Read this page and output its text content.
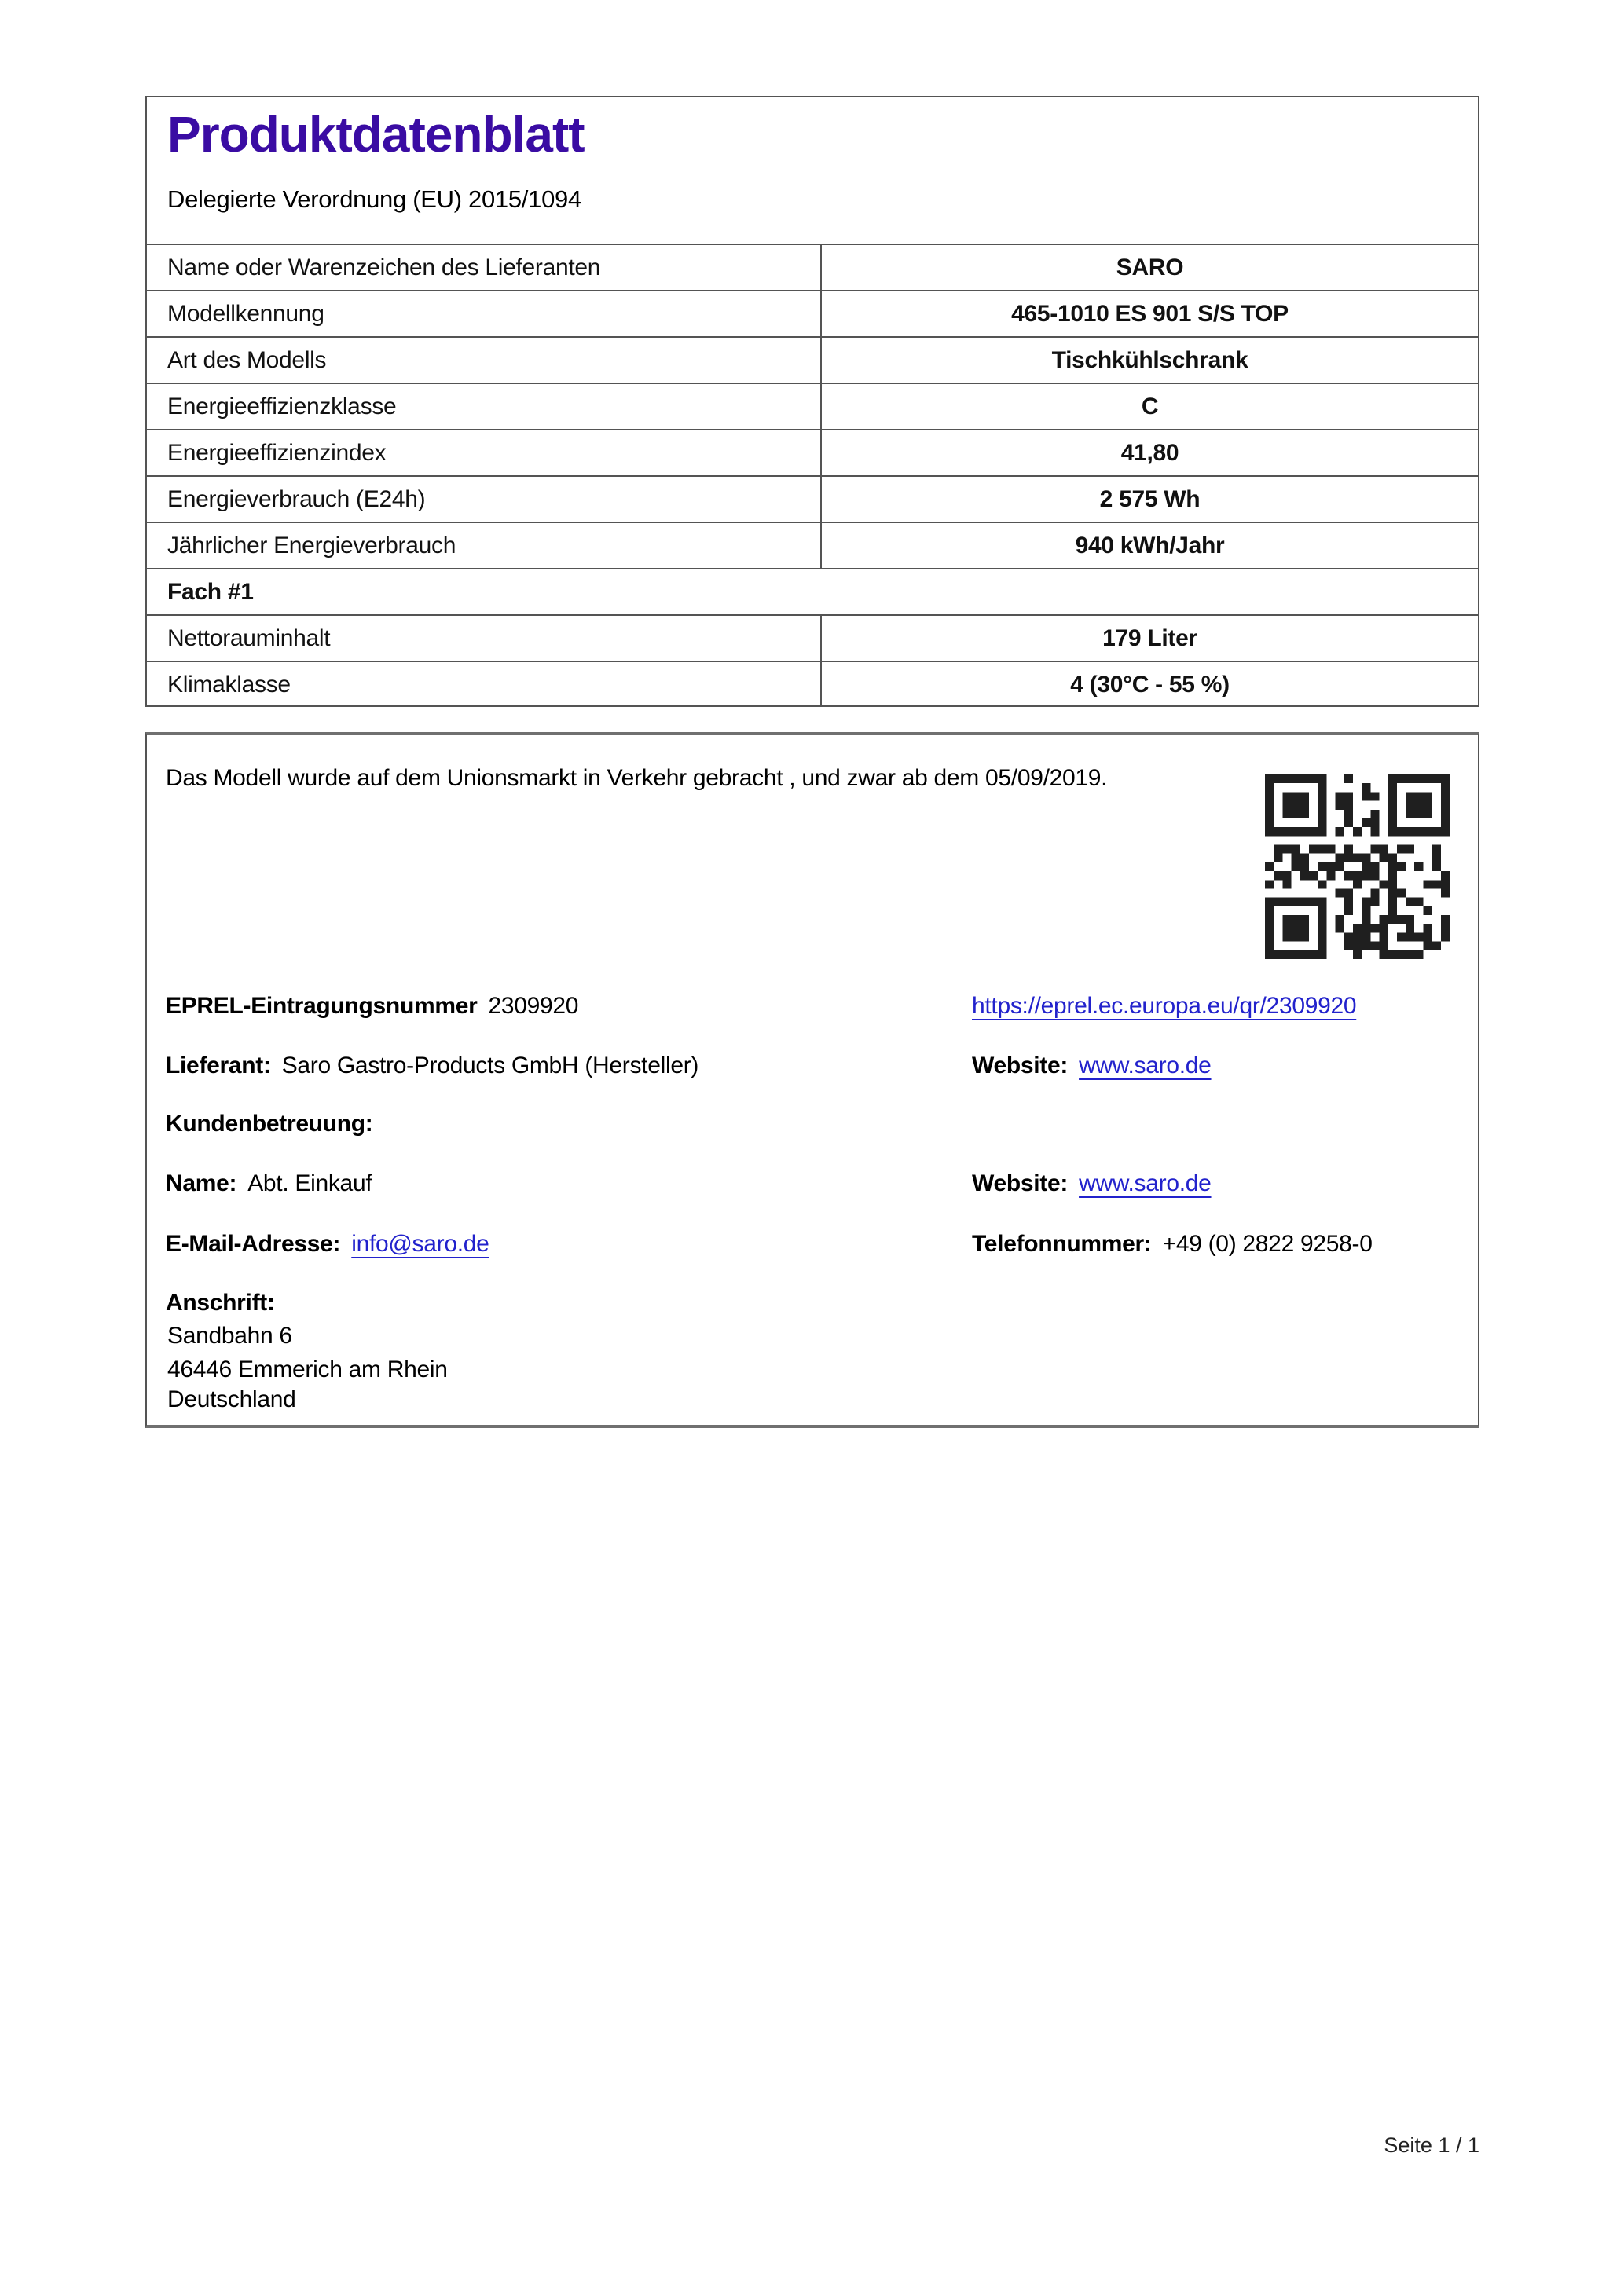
Produktdatenblatt
Delegierte Verordnung (EU) 2015/1094
Name oder Warenzeichen des Lieferanten	SARO
Modellkennung	465-1010 ES 901 S/S TOP
Art des Modells	Tischkühlschrank
Energieeffizienzklasse	C
Energieeffizienzindex	41,80
Energieverbrauch (E24h)	2 575 Wh
Jährlicher Energieverbrauch	940 kWh/Jahr
Fach #1
Nettorauminhalt	179 Liter
Klimaklasse	4 (30°C - 55 %)
Das Modell wurde auf dem Unionsmarkt in Verkehr gebracht , und zwar ab dem 05/09/2019.
EPREL-Eintragungsnummer 2309920	https://eprel.ec.europa.eu/qr/2309920
Lieferant: Saro Gastro-Products GmbH (Hersteller)	Website: www.saro.de
Kundenbetreuung:
Name: Abt. Einkauf	Website: www.saro.de
E-Mail-Adresse: info@saro.de	Telefonnummer: +49 (0) 2822 9258-0
Anschrift:
Sandbahn 6
46446 Emmerich am Rhein
Deutschland
Seite 1 / 1
